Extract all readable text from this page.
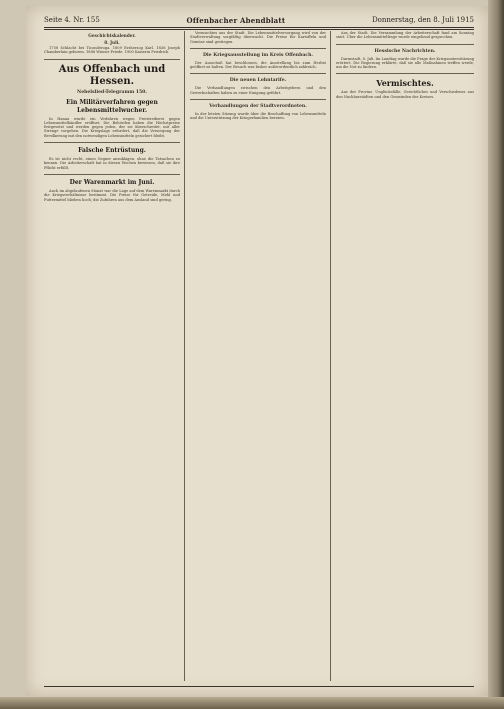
Seite 4. Nr. 155	Offenbacher Abendblatt	Donnerstag, den 8. Juli 1915
Geschichtskalender.
8. Juli.

1758 Schlacht bei Ticonderoga. 1809 Erzherzog Karl. 1836 Joseph Chamberlain geboren. 1888 Wiener Friede. 1900 Kaiserin Friedrich.

Aus Offenbach und Hessen.
Nebelslied-Telegramm 150.
Ein Militärverfahren gegen Lebensmittelwucher.

In Hanau wurde ein Verfahren wegen Preistreiberei gegen Lebensmittelhändler eröffnet. Die Behörden haben die Höchstpreise festgesetzt und werden gegen jeden, der sie überschreitet, mit aller Strenge vorgehen. Die Kriegslage erfordert, daß die Versorgung der Bevölkerung mit den notwendigen Lebensmitteln gesichert bleibt.

Falsche Entrüstung.

Es ist nicht recht, einen Gegner anzuklagen, ohne die Tatsachen zu kennen. Die Arbeiterschaft hat in diesen Wochen bewiesen, daß sie ihre Pflicht erfüllt.

Der Warenmarkt im Juni.

Auch im abgelaufenen Monat war die Lage auf dem Warenmarkt durch die Kriegsverhältnisse bestimmt. Die Preise für Getreide, Mehl und Futtermittel blieben hoch; die Zufuhren aus dem Ausland sind gering.

Vermischtes aus der Stadt. Die Lebensmittelversorgung wird von der Stadtverwaltung sorgfältig überwacht. Die Preise für Kartoffeln und Gemüse sind gestiegen.

Die Kriegsausstellung im Kreis Offenbach.

Der Ausschuß hat beschlossen, die Ausstellung bis zum Herbst geöffnet zu halten. Der Besuch war bisher außerordentlich zahlreich.

Die neuen Lohntarife.

Die Verhandlungen zwischen den Arbeitgebern und den Gewerkschaften haben zu einer Einigung geführt.

Verhandlungen der Stadtverordneten.

In der letzten Sitzung wurde über die Beschaffung von Lebensmitteln und die Unterstützung der Kriegerfamilien beraten.

Aus der Stadt. Die Versammlung der Arbeiterschaft fand am Sonntag statt. Über die Lebensmittelfrage wurde eingehend gesprochen.

Hessische Nachrichten.

Darmstadt, 8. Juli. Im Landtag wurde die Frage der Kriegsunterstützung erörtert. Die Regierung erklärte, daß sie alle Maßnahmen treffen werde, um die Not zu lindern.

Vermischtes.

Aus der Provinz. Unglücksfälle, Gerichtliches und Verschiedenes aus den Nachbarstädten und den Gemeinden des Kreises.
